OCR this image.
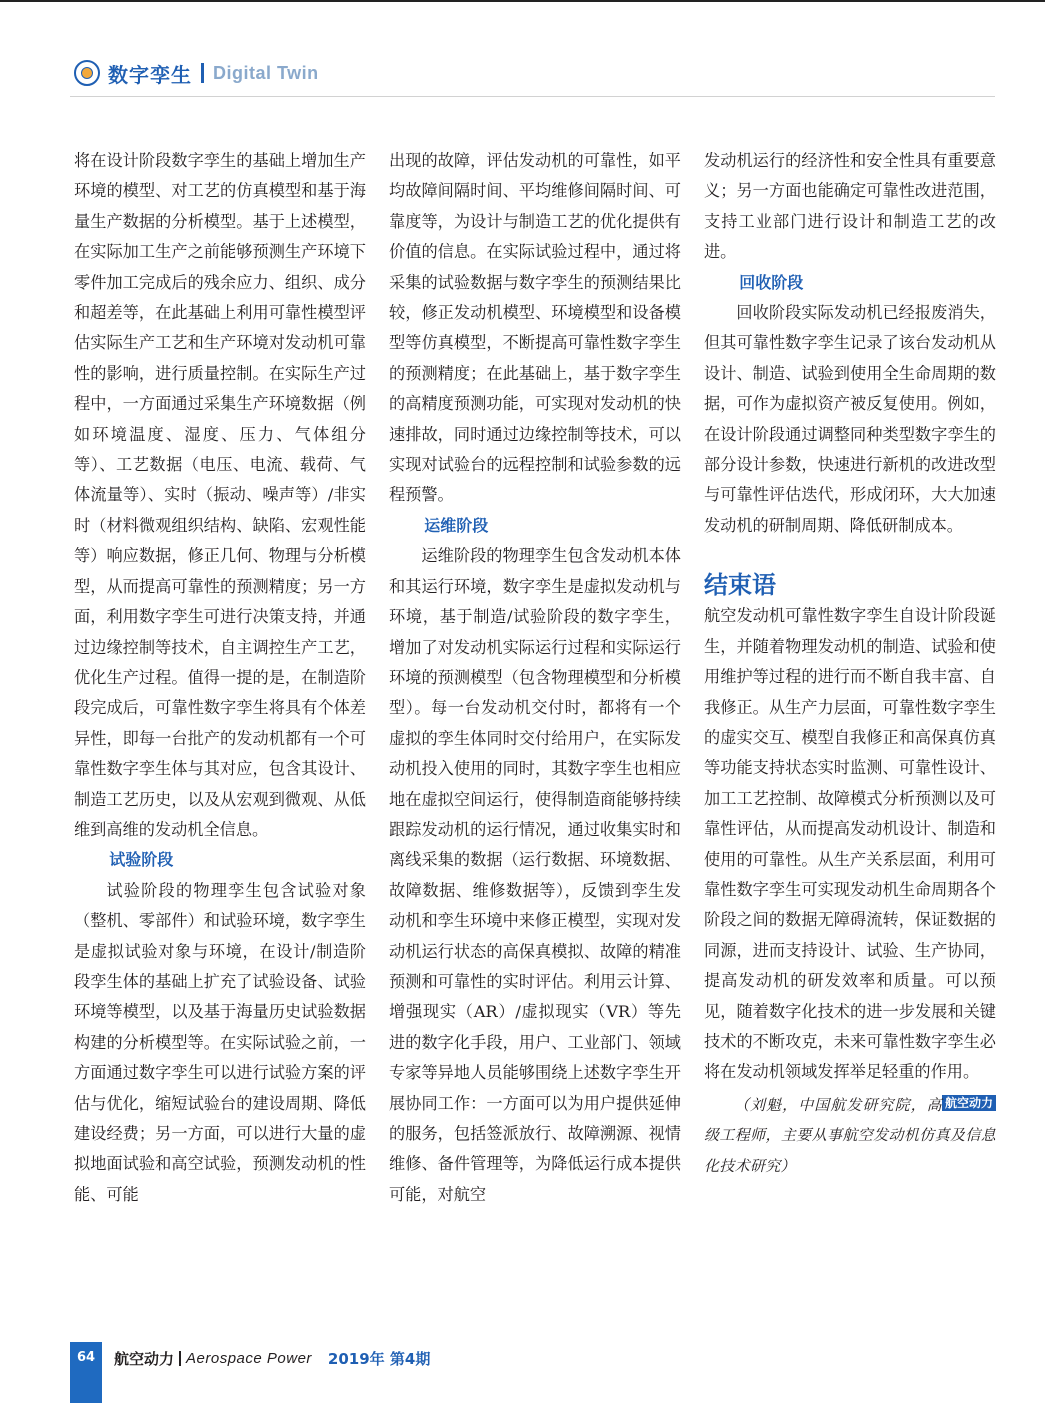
数字孪生 Digital Twin

将在设计阶段数字孪生的基础上增加生产环境的模型、对工艺的仿真模型和基于海量生产数据的分析模型。基于上述模型，在实际加工生产之前能够预测生产环境下零件加工完成后的残余应力、组织、成分和超差等，在此基础上利用可靠性模型评估实际生产工艺和生产环境对发动机可靠性的影响，进行质量控制。在实际生产过程中，一方面通过采集生产环境数据（例如环境温度、湿度、压力、气体组分等）、工艺数据（电压、电流、载荷、气体流量等）、实时（振动、噪声等）/非实时（材料微观组织结构、缺陷、宏观性能等）响应数据，修正几何、物理与分析模型，从而提高可靠性的预测精度；另一方面，利用数字孪生可进行决策支持，并通过边缘控制等技术，自主调控生产工艺，优化生产过程。值得一提的是，在制造阶段完成后，可靠性数字孪生将具有个体差异性，即每一台批产的发动机都有一个可靠性数字孪生体与其对应，包含其设计、制造工艺历史，以及从宏观到微观、从低维到高维的发动机全信息。

试验阶段

试验阶段的物理孪生包含试验对象（整机、零部件）和试验环境，数字孪生是虚拟试验对象与环境，在设计/制造阶段孪生体的基础上扩充了试验设备、试验环境等模型，以及基于海量历史试验数据构建的分析模型等。在实际试验之前，一方面通过数字孪生可以进行试验方案的评估与优化，缩短试验台的建设周期、降低建设经费；另一方面，可以进行大量的虚拟地面试验和高空试验，预测发动机的性能、可能

出现的故障，评估发动机的可靠性，如平均故障间隔时间、平均维修间隔时间、可靠度等，为设计与制造工艺的优化提供有价值的信息。在实际试验过程中，通过将采集的试验数据与数字孪生的预测结果比较，修正发动机模型、环境模型和设备模型等仿真模型，不断提高可靠性数字孪生的预测精度；在此基础上，基于数字孪生的高精度预测功能，可实现对发动机的快速排故，同时通过边缘控制等技术，可以实现对试验台的远程控制和试验参数的远程预警。

运维阶段

运维阶段的物理孪生包含发动机本体和其运行环境，数字孪生是虚拟发动机与环境，基于制造/试验阶段的数字孪生，增加了对发动机实际运行过程和实际运行环境的预测模型（包含物理模型和分析模型）。每一台发动机交付时，都将有一个虚拟的孪生体同时交付给用户，在实际发动机投入使用的同时，其数字孪生也相应地在虚拟空间运行，使得制造商能够持续跟踪发动机的运行情况，通过收集实时和离线采集的数据（运行数据、环境数据、故障数据、维修数据等），反馈到孪生发动机和孪生环境中来修正模型，实现对发动机运行状态的高保真模拟、故障的精准预测和可靠性的实时评估。利用云计算、增强现实（AR）/虚拟现实（VR）等先进的数字化手段，用户、工业部门、领域专家等异地人员能够围绕上述数字孪生开展协同工作：一方面可以为用户提供延伸的服务，包括签派放行、故障溯源、视情维修、备件管理等，为降低运行成本提供可能，对航空

发动机运行的经济性和安全性具有重要意义；另一方面也能确定可靠性改进范围，支持工业部门进行设计和制造工艺的改进。

回收阶段

回收阶段实际发动机已经报废消失，但其可靠性数字孪生记录了该台发动机从设计、制造、试验到使用全生命周期的数据，可作为虚拟资产被反复使用。例如，在设计阶段通过调整同种类型数字孪生的部分设计参数，快速进行新机的改进改型与可靠性评估迭代，形成闭环，大大加速发动机的研制周期、降低研制成本。

结束语

航空发动机可靠性数字孪生自设计阶段诞生，并随着物理发动机的制造、试验和使用维护等过程的进行而不断自我丰富、自我修正。从生产力层面，可靠性数字孪生的虚实交互、模型自我修正和高保真仿真等功能支持状态实时监测、可靠性设计、加工工艺控制、故障模式分析预测以及可靠性评估，从而提高发动机设计、制造和使用的可靠性。从生产关系层面，利用可靠性数字孪生可实现发动机生命周期各个阶段之间的数据无障碍流转，保证数据的同源，进而支持设计、试验、生产协同，提高发动机的研发效率和质量。可以预见，随着数字化技术的进一步发展和关键技术的不断攻克，未来可靠性数字孪生必将在发动机领域发挥举足轻重的作用。
航空动力

（刘魁，中国航发研究院，高级工程师，主要从事航空发动机仿真及信息化技术研究）

64	航空动力 Aerospace Power 2019年 第4期
